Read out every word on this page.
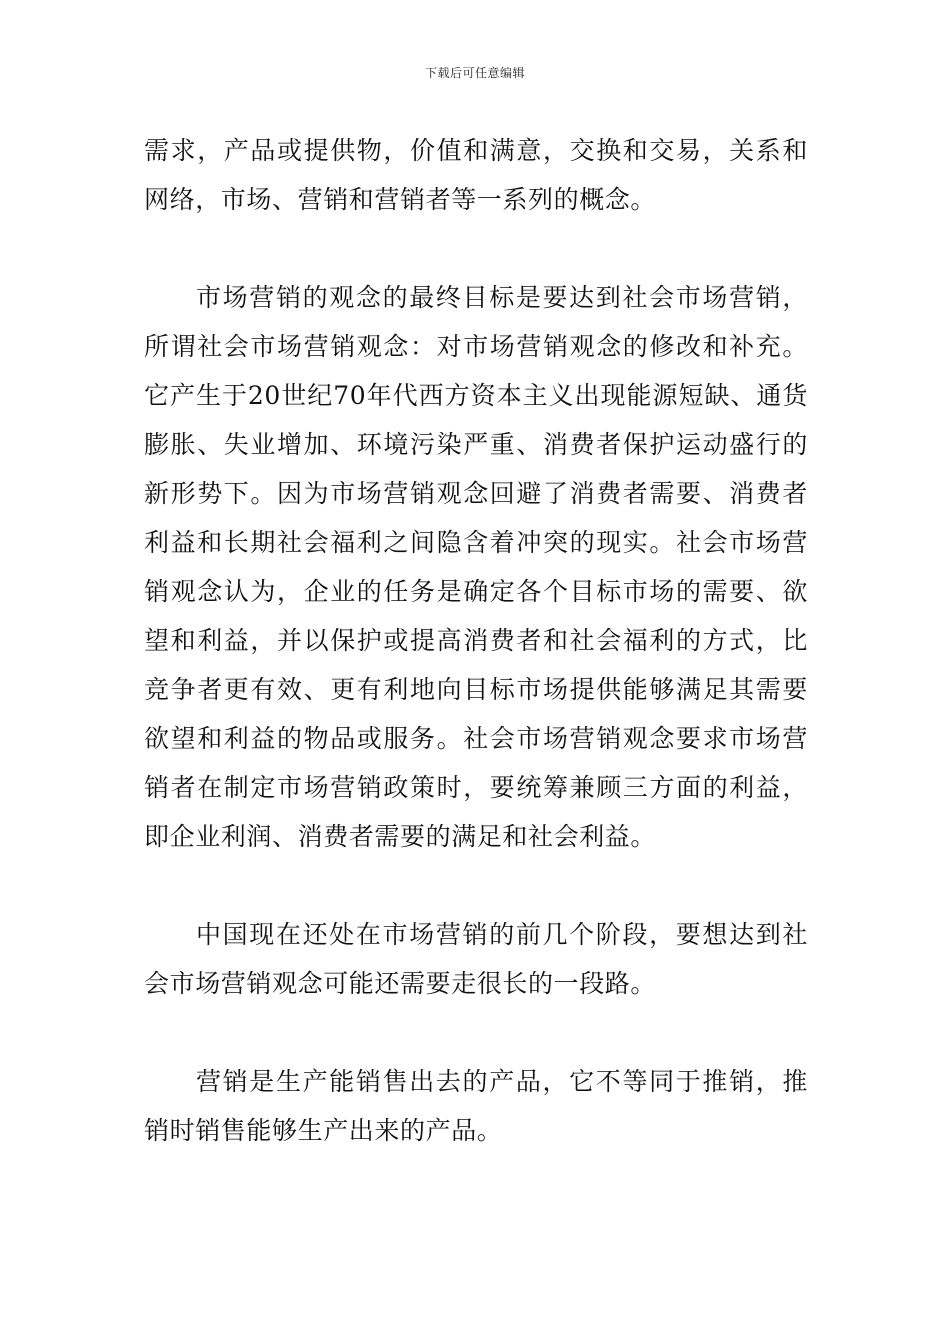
下载后可任意编辑

需求，产品或提供物，价值和满意，交换和交易，关系和网络，市场、营销和营销者等一系列的概念。

市场营销的观念的最终目标是要达到社会市场营销，所谓社会市场营销观念：对市场营销观念的修改和补充。它产生于20世纪70年代西方资本主义出现能源短缺、通货膨胀、失业增加、环境污染严重、消费者保护运动盛行的新形势下。因为市场营销观念回避了消费者需要、消费者利益和长期社会福利之间隐含着冲突的现实。社会市场营销观念认为，企业的任务是确定各个目标市场的需要、欲望和利益，并以保护或提高消费者和社会福利的方式，比竞争者更有效、更有利地向目标市场提供能够满足其需要欲望和利益的物品或服务。社会市场营销观念要求市场营销者在制定市场营销政策时，要统筹兼顾三方面的利益，即企业利润、消费者需要的满足和社会利益。

中国现在还处在市场营销的前几个阶段，要想达到社会市场营销观念可能还需要走很长的一段路。

营销是生产能销售出去的产品，它不等同于推销，推销时销售能够生产出来的产品。
